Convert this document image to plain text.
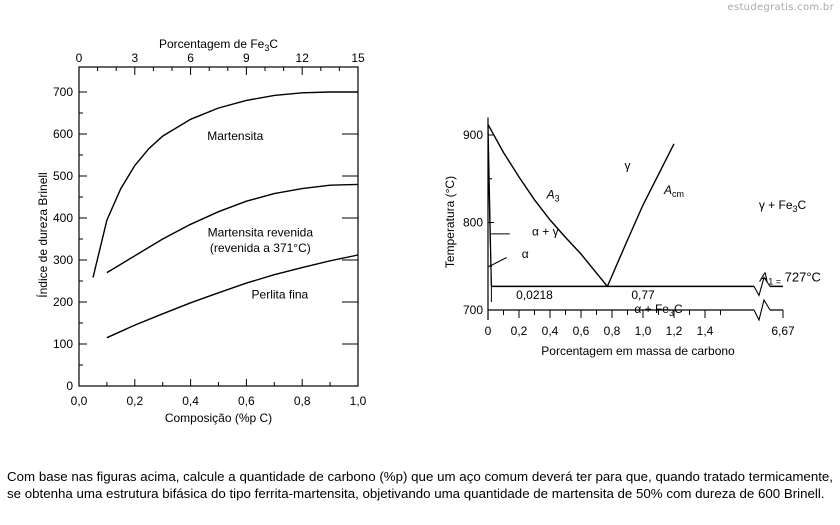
estudegratis.com.br
0,0	0,2	0,4	0,6	0,8	1,0
0
100
200
300
400
500
600
700
0	3	6	9	12	15
Porcentagem de $Fe_3C$
Composição (%p C)
Índice de dureza Brinell
Martensita
Martensita revenida
(revenida a 371°C)
Perlita fina
0 0,2 0,4 0,6 0,8 1,0 1,2 1,4	6,67
700
800
900
Porcentagem em massa de carbono
Temperatura (°C)
γ
$A_3$
$A_{cm}$
$\gamma + Fe_3C$
α + γ
α
0,0218	0,77
$\alpha + Fe_3C$
$A_{1 =}$ 727°C
Com base nas figuras acima, calcule a quantidade de carbono (%p) que um aço comum deverá ter para que, quando tratado termicamente, se obtenha uma estrutura bifásica do tipo ferrita-martensita, objetivando uma quantidade de martensita de 50% com dureza de 600 Brinell.
